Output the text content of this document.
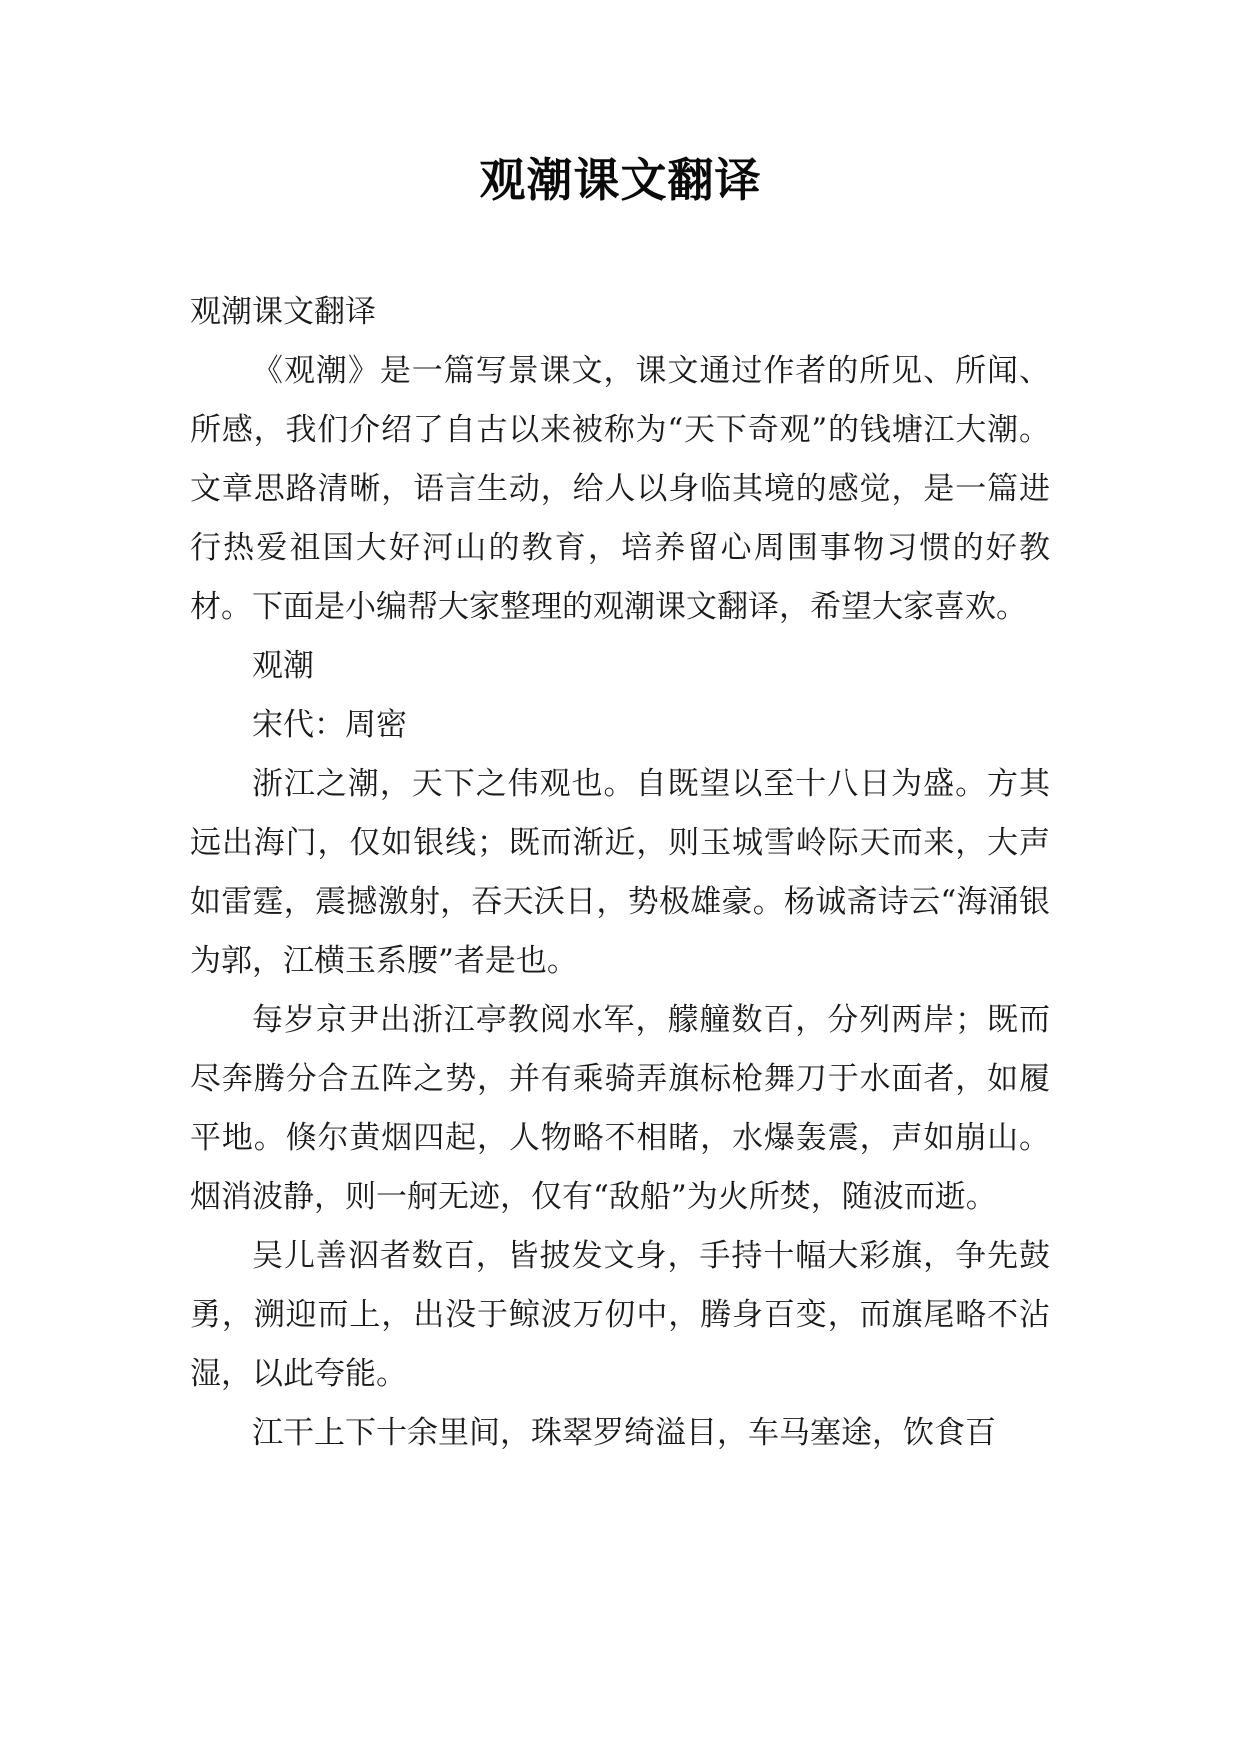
观潮课文翻译

观潮课文翻译

《观潮》是一篇写景课文，课文通过作者的所见、所闻、所感，我们介绍了自古以来被称为“天下奇观”的钱塘江大潮。文章思路清晰，语言生动，给人以身临其境的感觉，是一篇进行热爱祖国大好河山的教育，培养留心周围事物习惯的好教材。下面是小编帮大家整理的观潮课文翻译，希望大家喜欢。

观潮

宋代：周密

浙江之潮，天下之伟观也。自既望以至十八日为盛。方其远出海门，仅如银线；既而渐近，则玉城雪岭际天而来，大声如雷霆，震撼激射，吞天沃日，势极雄豪。杨诚斋诗云“海涌银为郭，江横玉系腰”者是也。

每岁京尹出浙江亭教阅水军，艨艟数百，分列两岸；既而尽奔腾分合五阵之势，并有乘骑弄旗标枪舞刀于水面者，如履平地。倏尔黄烟四起，人物略不相睹，水爆轰震，声如崩山。烟消波静，则一舸无迹，仅有“敌船”为火所焚，随波而逝。

吴儿善泅者数百，皆披发文身，手持十幅大彩旗，争先鼓勇，溯迎而上，出没于鲸波万仞中，腾身百变，而旗尾略不沾湿，以此夸能。

江干上下十余里间，珠翠罗绮溢目，车马塞途，饮食百
